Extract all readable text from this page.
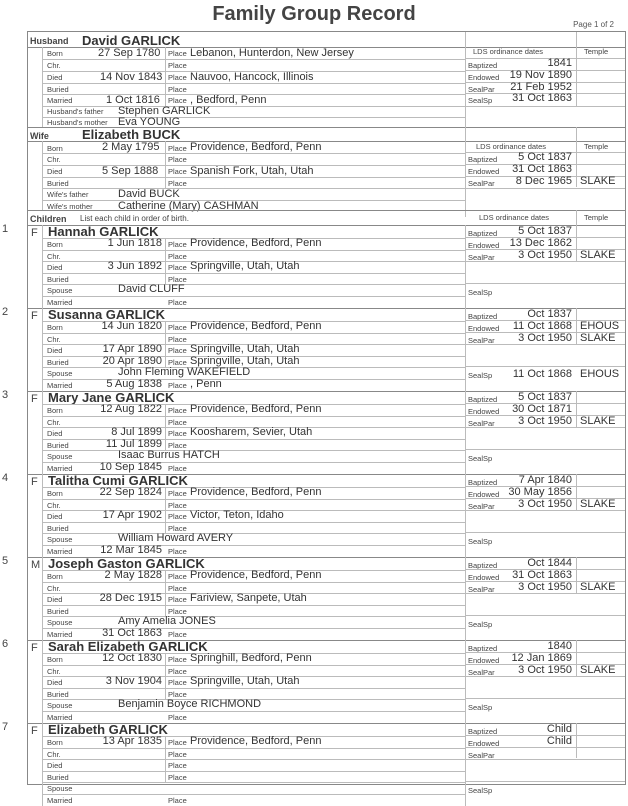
Family Group Record	Page 1 of 2
Husband David GARLICK
Born	27 Sep 1780 Place Lebanon, Hunterdon, New Jersey
Chr.	Place
Died	14 Nov 1843 Place Nauvoo, Hancock, Illinois
Buried	Place
Married	1 Oct 1816 Place , Bedford, Penn
Husband's father Stephen GARLICK
Husband's mother Eva YOUNG
LDS ordinance dates	Temple
Baptized	1841
Endowed 19 Nov 1890
SealPar	21 Feb 1952
SealSp	31 Oct 1863
Wife	Elizabeth BUCK
Born	2 May 1795 Place Providence, Bedford, Penn
Chr.	Place
Died	5 Sep 1888 Place Spanish Fork, Utah, Utah
Buried	Place
Wife's father	David BUCK
Wife's mother Catherine (Mary) CASHMAN
LDS ordinance dates	Temple
Baptized	5 Oct 1837
Endowed	31 Oct 1863
SealPar	8 Dec 1965 SLAKE
Children List each child in order of birth.	LDS ordinance dates	Temple
1 F Hannah GARLICK
Born	1 Jun 1818 Place Providence, Bedford, Penn
Chr.	Place
Died	3 Jun 1892 Place Springville, Utah, Utah
Buried	Place
Spouse	David CLUFF
Married	Place
Baptized	5 Oct 1837
Endowed 13 Dec 1862
SealPar	3 Oct 1950 SLAKE
SealSp
2 F Susanna GARLICK
Born	14 Jun 1820 Place Providence, Bedford, Penn
Chr.	Place
Died	17 Apr 1890 Place Springville, Utah, Utah
Buried	20 Apr 1890 Place Springville, Utah, Utah
Spouse	John Fleming WAKEFIELD
Married	5 Aug 1838 Place , Penn
Baptized	Oct 1837
Endowed	11 Oct 1868 EHOUS
SealPar	3 Oct 1950 SLAKE
SealSp	11 Oct 1868 EHOUS
3 F Mary Jane GARLICK
Born	12 Aug 1822 Place Providence, Bedford, Penn
Chr.	Place
Died	8 Jul 1899 Place Koosharem, Sevier, Utah
Buried	11 Jul 1899 Place
Spouse	Isaac Burrus HATCH
Married	10 Sep 1845 Place
Baptized	5 Oct 1837
Endowed	30 Oct 1871
SealPar	3 Oct 1950 SLAKE
SealSp
4 F Talitha Cumi GARLICK
Born	22 Sep 1824 Place Providence, Bedford, Penn
Chr.	Place
Died	17 Apr 1902 Place Victor, Teton, Idaho
Buried	Place
Spouse	William Howard AVERY
Married	12 Mar 1845 Place
Baptized	7 Apr 1840
Endowed 30 May 1856
SealPar	3 Oct 1950 SLAKE
SealSp
5 M Joseph Gaston GARLICK
Born	2 May 1828 Place Providence, Bedford, Penn
Chr.	Place
Died	28 Dec 1915 Place Fariview, Sanpete, Utah
Buried	Place
Spouse	Amy Amelia JONES
Married	31 Oct 1863 Place
Baptized	Oct 1844
Endowed	31 Oct 1863
SealPar	3 Oct 1950 SLAKE
SealSp
6 F Sarah Elizabeth GARLICK
Born	12 Oct 1830 Place Springhill, Bedford, Penn
Chr.	Place
Died	3 Nov 1904 Place Springville, Utah, Utah
Buried	Place
Spouse	Benjamin Boyce RICHMOND
Married	Place
Baptized	1840
Endowed	12 Jan 1869
SealPar	3 Oct 1950 SLAKE
SealSp
7 F Elizabeth GARLICK
Born	13 Apr 1835 Place Providence, Bedford, Penn
Chr.	Place
Died	Place
Buried	Place
Spouse
Married	Place
Baptized	Child
Endowed	Child
SealPar
SealSp
